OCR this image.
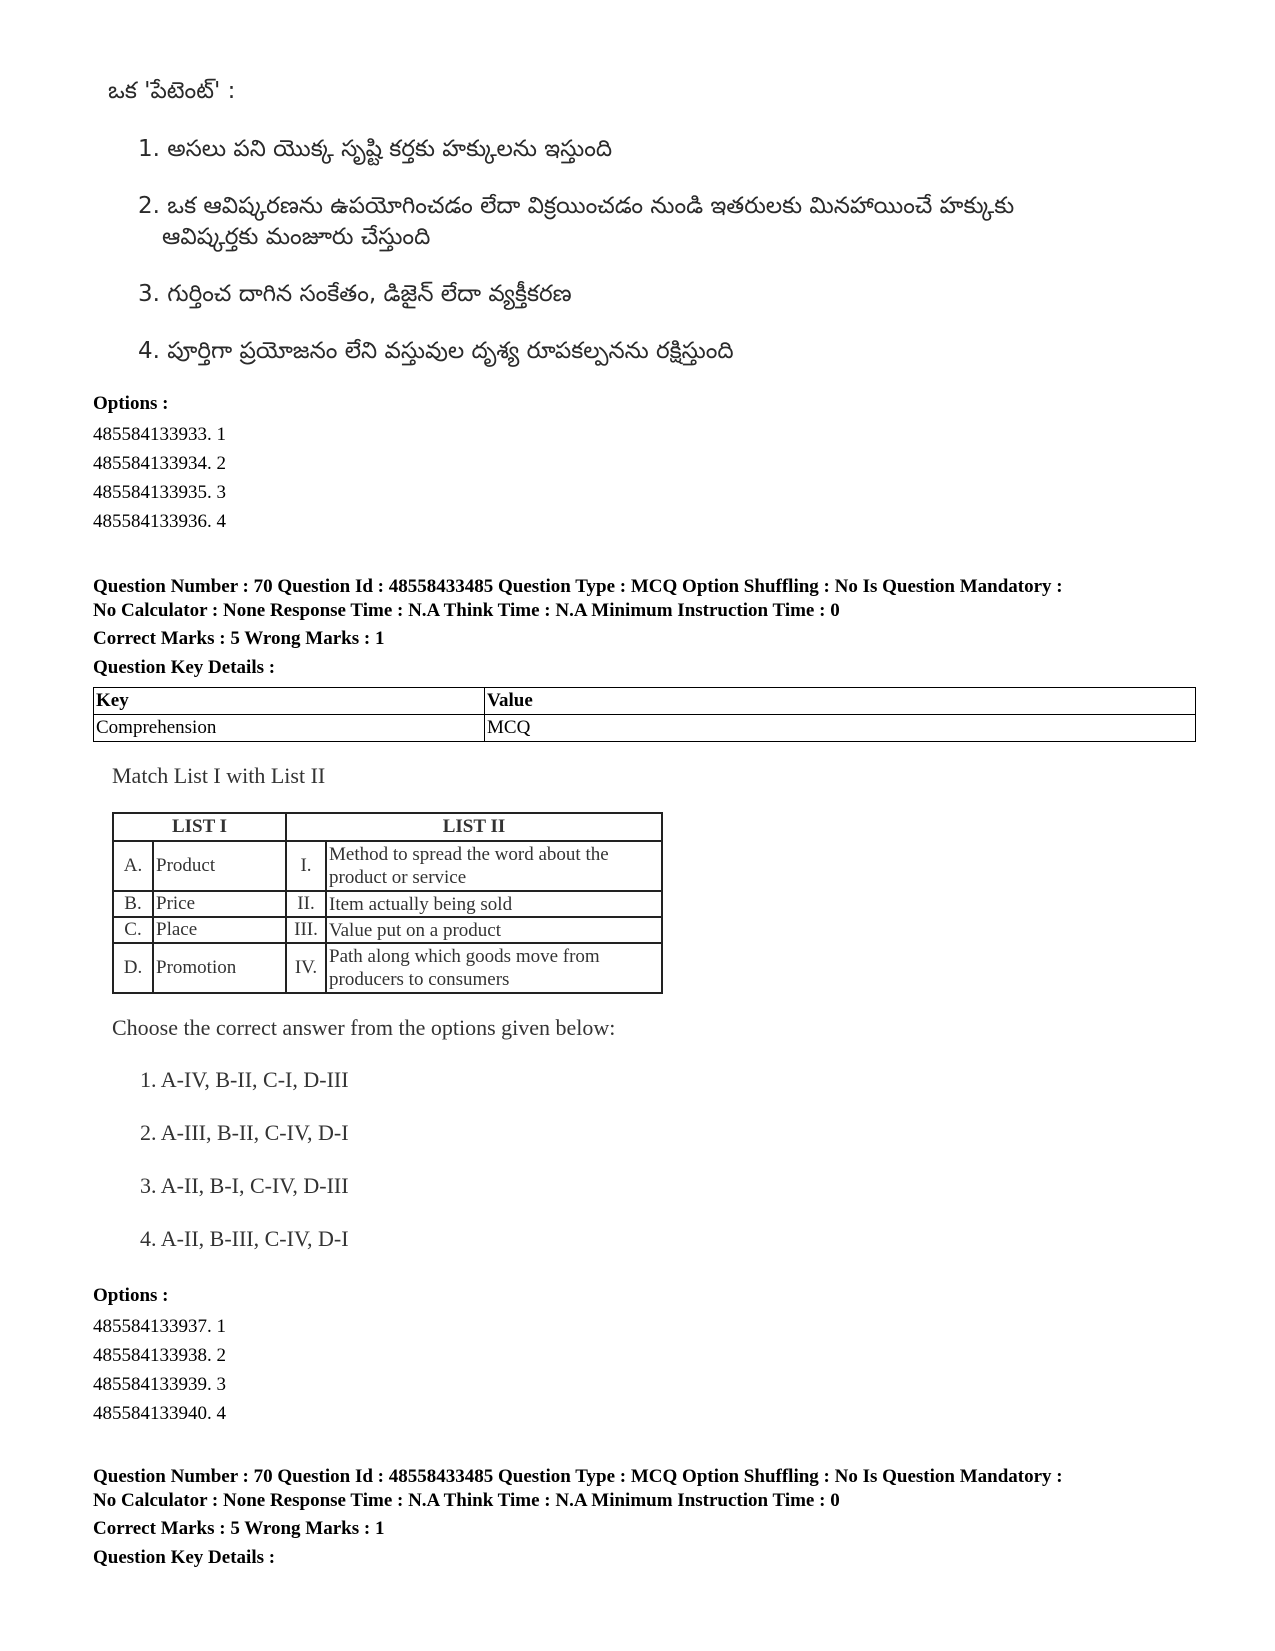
ఒక 'పేటెంట్' :
1. అసలు పని యొక్క సృష్టి కర్తకు హక్కులను ఇస్తుంది
2. ఒక ఆవిష్కరణను ఉపయోగించడం లేదా విక్రయించడం నుండి ఇతరులకు మినహాయించే హక్కుకు ఆవిష్కర్తకు మంజూరు చేస్తుంది
3. గుర్తించ దాగిన సంకేతం, డిజైన్ లేదా వ్యక్తీకరణ
4. పూర్తిగా ప్రయోజనం లేని వస్తువుల దృశ్య రూపకల్పనను రక్షిస్తుంది
Options :
485584133933. 1
485584133934. 2
485584133935. 3
485584133936. 4
Question Number : 70 Question Id : 48558433485 Question Type : MCQ Option Shuffling : No Is Question Mandatory :
No Calculator : None Response Time : N.A Think Time : N.A Minimum Instruction Time : 0
Correct Marks : 5 Wrong Marks : 1
Question Key Details :
Key	Value
Comprehension	MCQ
Match List I with List II
LIST I		LIST II	
A.	Product	I.	Method to spread the word about the product or service
B.	Price	II.	Item actually being sold
C.	Place	III.	Value put on a product
D.	Promotion	IV.	Path along which goods move from producers to consumers
Choose the correct answer from the options given below:
1. A-IV, B-II, C-I, D-III
2. A-III, B-II, C-IV, D-I
3. A-II, B-I, C-IV, D-III
4. A-II, B-III, C-IV, D-I
Options :
485584133937. 1
485584133938. 2
485584133939. 3
485584133940. 4
Question Number : 70 Question Id : 48558433485 Question Type : MCQ Option Shuffling : No Is Question Mandatory :
No Calculator : None Response Time : N.A Think Time : N.A Minimum Instruction Time : 0
Correct Marks : 5 Wrong Marks : 1
Question Key Details :
